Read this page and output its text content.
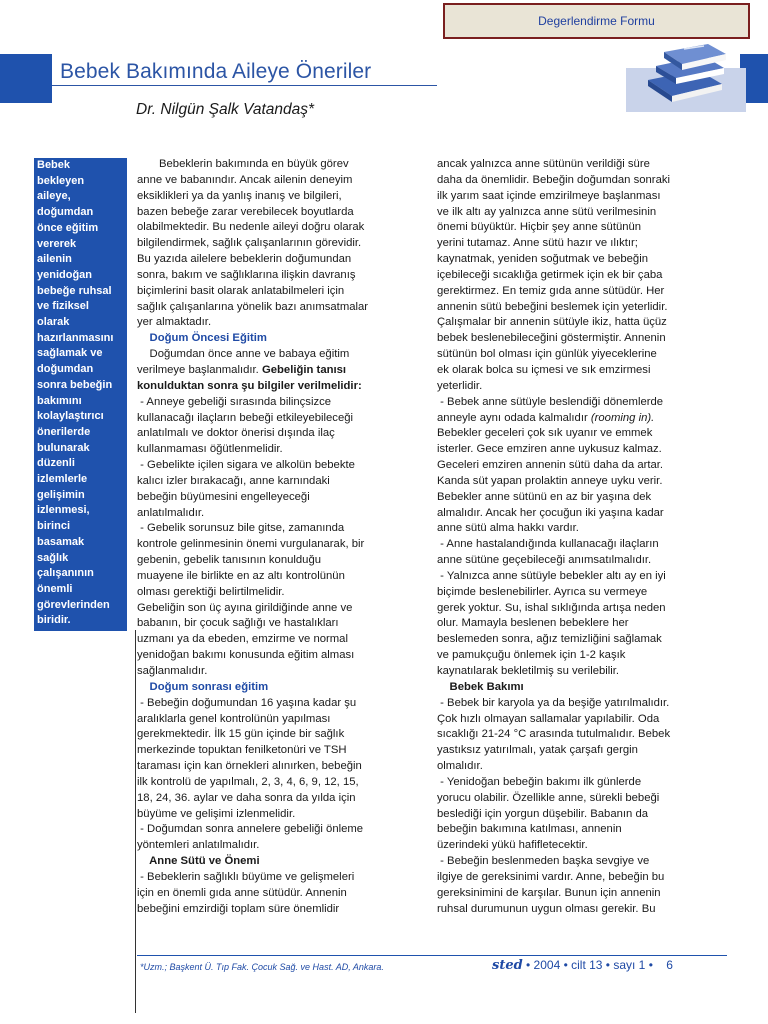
Degerlendirme Formu
Bebek Bakımında Aileye Öneriler
Dr. Nilgün Şalk Vatandaş*
Bebek
bekleyen
aileye,
doğumdan
önce eğitim
vererek
ailenin
yenidoğan
bebeğe ruhsal
ve fiziksel
olarak
hazırlanmasını
sağlamak ve
doğumdan
sonra bebeğin
bakımını
kolaylaştırıcı
önerilerde
bulunarak
düzenli
izlemlerle
gelişimin
izlenmesi,
birinci
basamak
sağlık
çalışanının
önemli
görevlerinden
biridir.

Bebeklerin bakımında en büyük görev

anne ve babanındır. Ancak ailenin deneyim

eksiklikleri ya da yanlış inanış ve bilgileri,

bazen bebeğe zarar verebilecek boyutlarda

olabilmektedir. Bu nedenle aileyi doğru olarak

bilgilendirmek, sağlık çalışanlarının görevidir.

Bu yazıda ailelere bebeklerin doğumundan

sonra, bakım ve sağlıklarına ilişkin davranış

biçimlerini basit olarak anlatabilmeleri için

sağlık çalışanlarına yönelik bazı anımsatmalar

yer almaktadır.

Doğum Öncesi Eğitim

Doğumdan önce anne ve babaya eğitim

verilmeye başlanmalıdır. Gebeliğin tanısı

konulduktan sonra şu bilgiler verilmelidir:

- Anneye gebeliği sırasında bilinçsizce

kullanacağı ilaçların bebeği etkileyebileceği

anlatılmalı ve doktor önerisi dışında ilaç

kullanmaması öğütlenmelidir.

- Gebelikte içilen sigara ve alkolün bebekte

kalıcı izler bırakacağı, anne karnındaki

bebeğin büyümesini engelleyeceği

anlatılmalıdır.

- Gebelik sorunsuz bile gitse, zamanında

kontrole gelinmesinin önemi vurgulanarak, bir

gebenin, gebelik tanısının konulduğu

muayene ile birlikte en az altı kontrolünün

olması gerektiği belirtilmelidir.

Gebeliğin son üç ayına girildiğinde anne ve

babanın, bir çocuk sağlığı ve hastalıkları

uzmanı ya da ebeden, emzirme ve normal

yenidoğan bakımı konusunda eğitim alması

sağlanmalıdır.

Doğum sonrası eğitim

- Bebeğin doğumundan 16 yaşına kadar şu

aralıklarla genel kontrolünün yapılması

gerekmektedir. İlk 15 gün içinde bir sağlık

merkezinde topuktan fenilketonüri ve TSH

taraması için kan örnekleri alınırken, bebeğin

ilk kontrolü de yapılmalı, 2, 3, 4, 6, 9, 12, 15,

18, 24, 36. aylar ve daha sonra da yılda için

büyüme ve gelişimi izlenmelidir.

- Doğumdan sonra annelere gebeliği önleme

yöntemleri anlatılmalıdır.

Anne Sütü ve Önemi

- Bebeklerin sağlıklı büyüme ve gelişmeleri

için en önemli gıda anne sütüdür. Annenin

bebeğini emzirdiği toplam süre önemlidir

ancak yalnızca anne sütünün verildiği süre

daha da önemlidir. Bebeğin doğumdan sonraki

ilk yarım saat içinde emzirilmeye başlanması

ve ilk altı ay yalnızca anne sütü verilmesinin

önemi büyüktür. Hiçbir şey anne sütünün

yerini tutamaz. Anne sütü hazır ve ılıktır;

kaynatmak, yeniden soğutmak ve bebeğin

içebileceği sıcaklığa getirmek için ek bir çaba

gerektirmez. En temiz gıda anne sütüdür. Her

annenin sütü bebeğini beslemek için yeterlidir.

Çalışmalar bir annenin sütüyle ikiz, hatta üçüz

bebek beslenebileceğini göstermiştir. Annenin

sütünün bol olması için günlük yiyeceklerine

ek olarak bolca su içmesi ve sık emzirmesi

yeterlidir.

- Bebek anne sütüyle beslendiği dönemlerde

anneyle aynı odada kalmalıdır (rooming in).

Bebekler geceleri çok sık uyanır ve emmek

isterler. Gece emziren anne uykusuz kalmaz.

Geceleri emziren annenin sütü daha da artar.

Kanda süt yapan prolaktin anneye uyku verir.

Bebekler anne sütünü en az bir yaşına dek

almalıdır. Ancak her çocuğun iki yaşına kadar

anne sütü alma hakkı vardır.

- Anne hastalandığında kullanacağı ilaçların

anne sütüne geçebileceği anımsatılmalıdır.

- Yalnızca anne sütüyle bebekler altı ay en iyi

biçimde beslenebilirler. Ayrıca su vermeye

gerek yoktur. Su, ishal sıklığında artışa neden

olur. Mamayla beslenen bebeklere her

beslemeden sonra, ağız temizliğini sağlamak

ve pamukçuğu önlemek için 1-2 kaşık

kaynatılarak bekletilmiş su verilebilir.

Bebek Bakımı

- Bebek bir karyola ya da beşiğe yatırılmalıdır.

Çok hızlı olmayan sallamalar yapılabilir. Oda

sıcaklığı 21-24 °C arasında tutulmalıdır. Bebek

yastıksız yatırılmalı, yatak çarşafı gergin

olmalıdır.

- Yenidoğan bebeğin bakımı ilk günlerde

yorucu olabilir. Özellikle anne, sürekli bebeği

beslediği için yorgun düşebilir. Babanın da

bebeğin bakımına katılması, annenin

üzerindeki yükü hafifletecektir.

- Bebeğin beslenmeden başka sevgiye ve

ilgiye de gereksinimi vardır. Anne, bebeğin bu

gereksinimini de karşılar. Bunun için annenin

ruhsal durumunun uygun olması gerekir. Bu

*Uzm.; Başkent Ü. Tıp Fak. Çocuk Sağ. ve Hast. AD, Ankara.	sted • 2004 • cilt 13 • sayı 1 • 6
